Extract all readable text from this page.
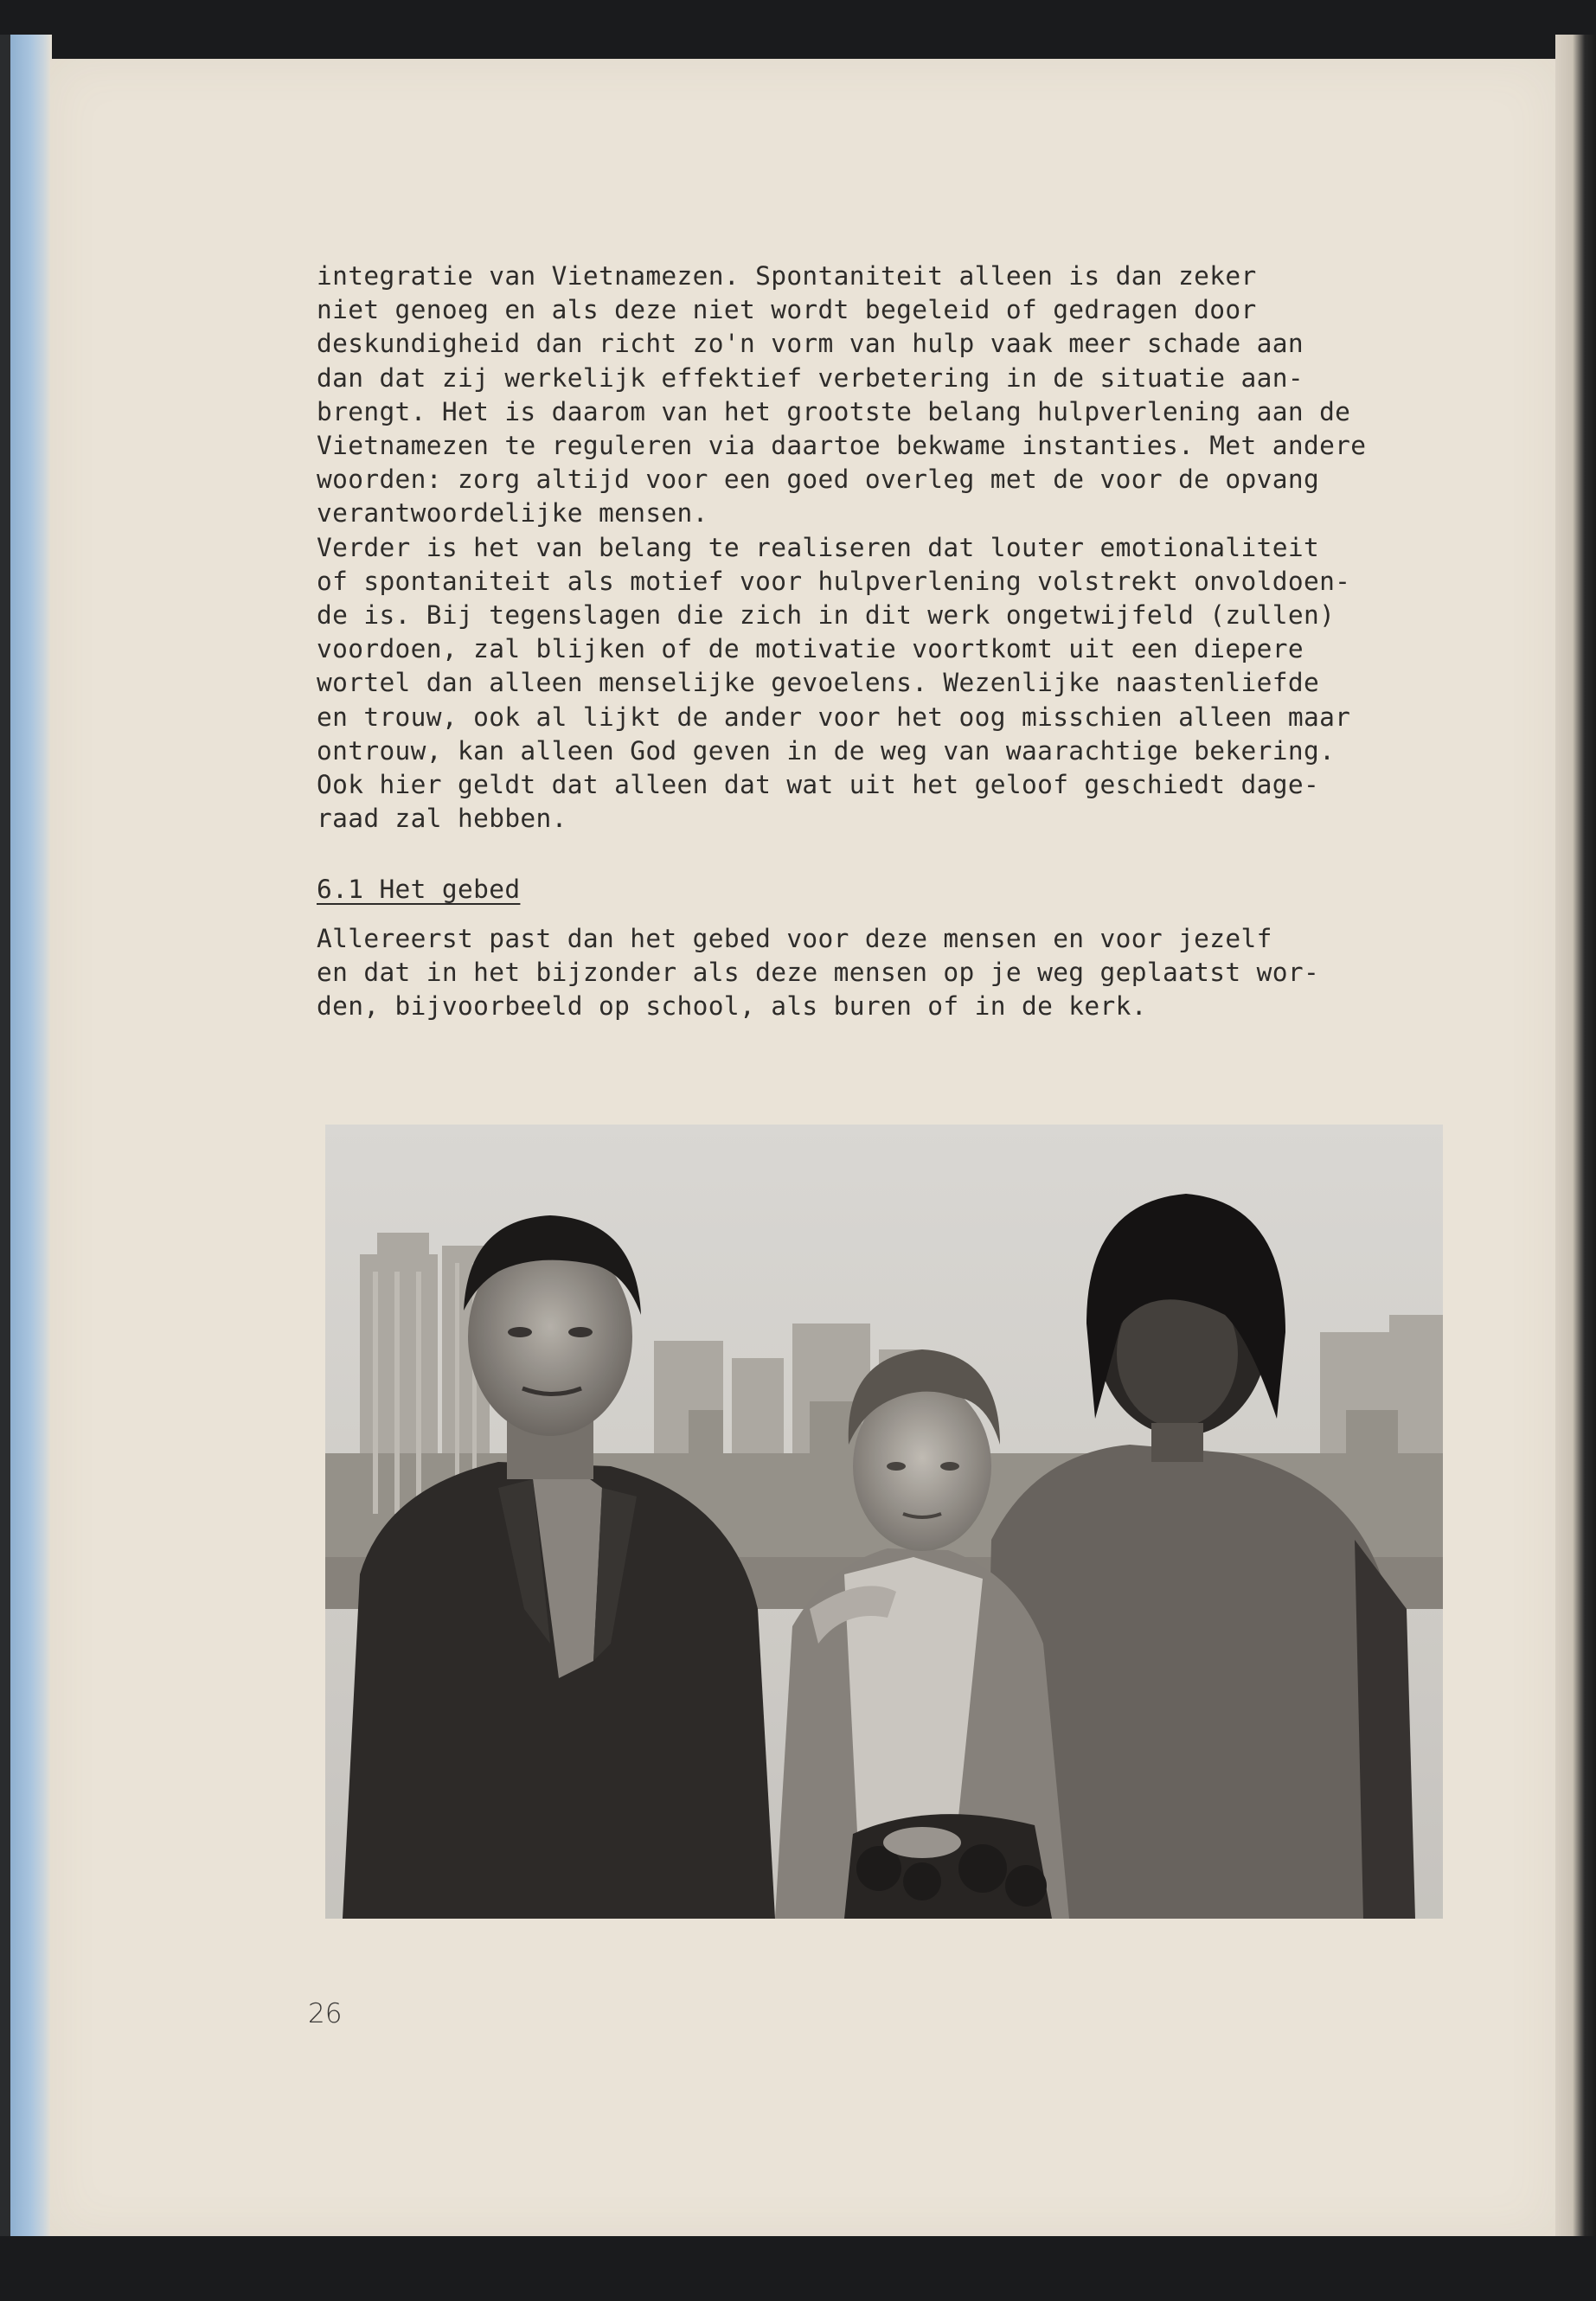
integratie van Vietnamezen. Spontaniteit alleen is dan zeker
niet genoeg en als deze niet wordt begeleid of gedragen door
deskundigheid dan richt zo'n vorm van hulp vaak meer schade aan
dan dat zij werkelijk effektief verbetering in de situatie aan-
brengt. Het is daarom van het grootste belang hulpverlening aan de
Vietnamezen te reguleren via daartoe bekwame instanties. Met andere
woorden: zorg altijd voor een goed overleg met de voor de opvang
verantwoordelijke mensen.
Verder is het van belang te realiseren dat louter emotionaliteit
of spontaniteit als motief voor hulpverlening volstrekt onvoldoen-
de is. Bij tegenslagen die zich in dit werk ongetwijfeld (zullen)
voordoen, zal blijken of de motivatie voortkomt uit een diepere
wortel dan alleen menselijke gevoelens. Wezenlijke naastenliefde
en trouw, ook al lijkt de ander voor het oog misschien alleen maar
ontrouw, kan alleen God geven in de weg van waarachtige bekering.
Ook hier geldt dat alleen dat wat uit het geloof geschiedt dage-
raad zal hebben.
6.1 Het gebed
Allereerst past dan het gebed voor deze mensen en voor jezelf
en dat in het bijzonder als deze mensen op je weg geplaatst wor-
den, bijvoorbeeld op school, als buren of in de kerk.
26
